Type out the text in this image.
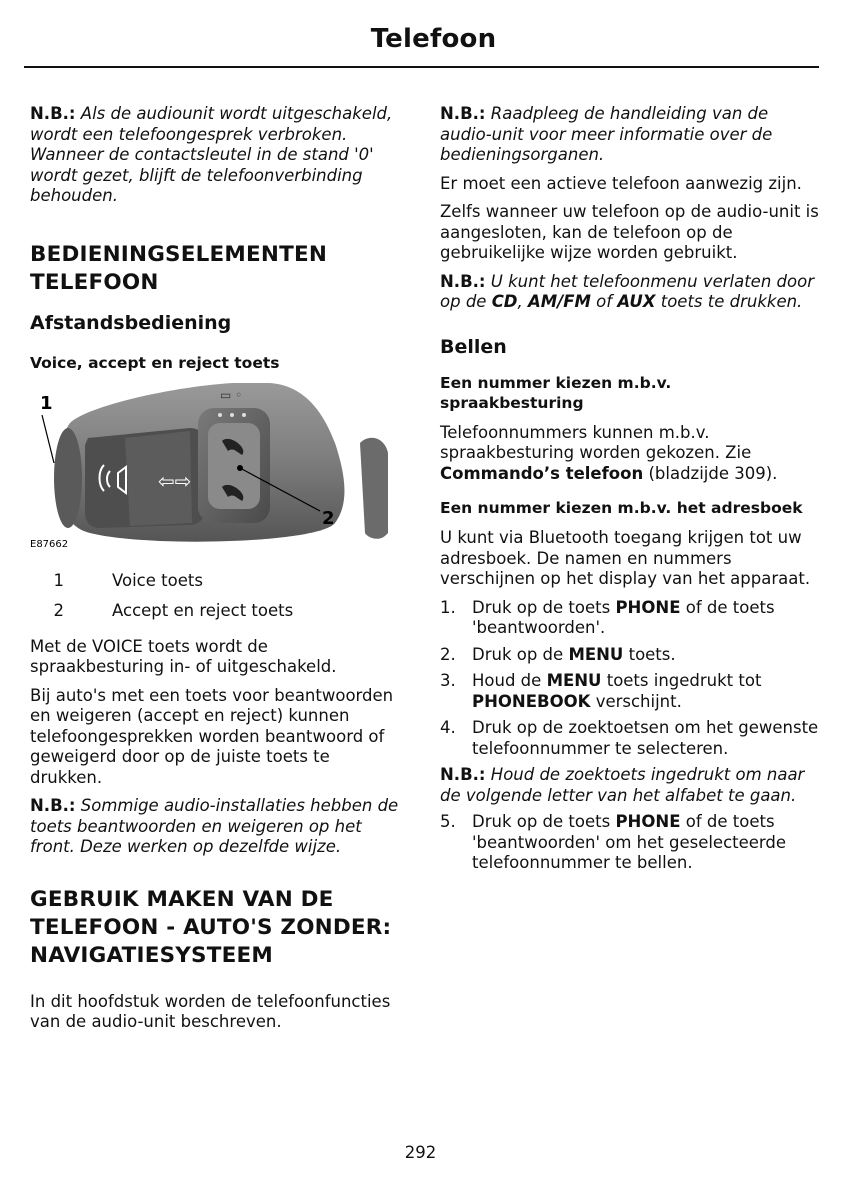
Telefoon

N.B.: Als de audiounit wordt uitgeschakeld, wordt een telefoongesprek verbroken. Wanneer de contactsleutel in de stand '0' wordt gezet, blijft de telefoonverbinding behouden.

BEDIENINGSELEMENTEN
TELEFOON
Afstandsbediening
Voice, accept en reject toets
⇦⇨
▭ ◦
1
2
E87662
1	Voice toets
2	Accept en reject toets

Met de VOICE toets wordt de spraakbesturing in- of uitgeschakeld.

Bij auto's met een toets voor beantwoorden en weigeren (accept en reject) kunnen telefoongesprekken worden beantwoord of geweigerd door op de juiste toets te drukken.

N.B.: Sommige audio-installaties hebben de toets beantwoorden en weigeren op het front. Deze werken op dezelfde wijze.

GEBRUIK MAKEN VAN DE
TELEFOON - AUTO'S ZONDER:
NAVIGATIESYSTEEM

In dit hoofdstuk worden de telefoonfuncties van de audio-unit beschreven.

N.B.: Raadpleeg de handleiding van de audio-unit voor meer informatie over de bedieningsorganen.

Er moet een actieve telefoon aanwezig zijn.

Zelfs wanneer uw telefoon op de audio-unit is aangesloten, kan de telefoon op de gebruikelijke wijze worden gebruikt.

N.B.: U kunt het telefoonmenu verlaten door op de CD, AM/FM of AUX toets te drukken.

Bellen
Een nummer kiezen m.b.v. spraakbesturing

Telefoonnummers kunnen m.b.v. spraakbesturing worden gekozen. Zie Commando’s telefoon (bladzijde 309).

Een nummer kiezen m.b.v. het adresboek

U kunt via Bluetooth toegang krijgen tot uw adresboek. De namen en nummers verschijnen op het display van het apparaat.

1. Druk op de toets PHONE of de toets 'beantwoorden'.
2. Druk op de MENU toets.
3. Houd de MENU toets ingedrukt tot PHONEBOOK verschijnt.
4. Druk op de zoektoetsen om het gewenste telefoonnummer te selecteren.

N.B.: Houd de zoektoets ingedrukt om naar de volgende letter van het alfabet te gaan.

5. Druk op de toets PHONE of de toets 'beantwoorden' om het geselecteerde telefoonnummer te bellen.
292
